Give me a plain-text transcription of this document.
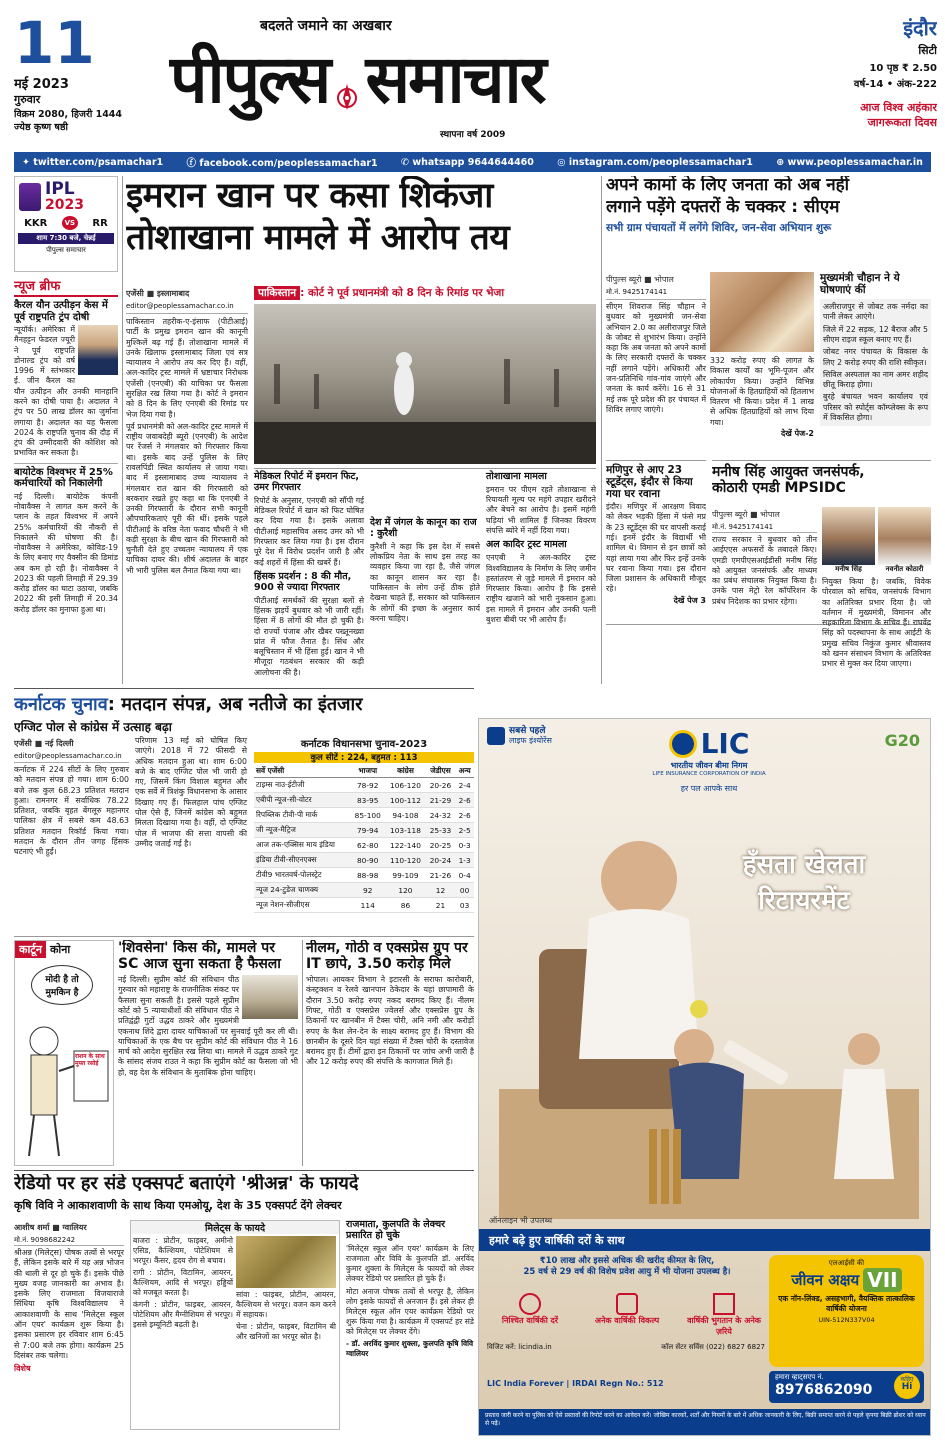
11
मई 2023
गुरुवार
विक्रम 2080, हिजरी 1444
ज्येष्ठ कृष्ण षष्ठी
बदलते जमाने का अखबार
पीपुल्स समाचार
स्थापना वर्ष 2009
इंदौर
सिटी
10 पृष्ठ ₹ 2.50
वर्ष-14 • अंक-222
आज विश्व अहंकार
जागरूकता दिवस
✦ twitter.com/psamachar1 ⓕ facebook.com/peoplessamachar1 ✆ whatsapp 9644644460 ◎ instagram.com/peoplessamachar1 ⊕ www.peoplessamachar.in
IPL
2023
KKR	VS	RR
शाम 7:30 बजे, चेन्नई
पीपुल्स समाचार
न्यूज ब्रीफ
कैरल यौन उत्पीड़न केस में पूर्व राष्ट्रपति ट्रंप दोषी
न्यूयॉर्क। अमेरिका में मैनहट्टन फेडरल ज्यूरी ने पूर्व राष्ट्रपति डोनाल्ड ट्रंप को वर्ष 1996 में स्तंभकार ई. जीन कैरल का यौन उत्पीड़न और उनकी मानहानि करने का दोषी पाया है। अदालत ने ट्रंप पर 50 लाख डॉलर का जुर्माना लगाया है। अदालत का यह फैसला 2024 के राष्ट्रपति चुनाव की दौड़ में ट्रंप की उम्मीदवारी की कोशिश को प्रभावित कर सकता है।
बायोटेक विश्वभर में 25% कर्मचारियों को निकालेगी
नई दिल्ली। बायोटेक कंपनी नोवावैक्स ने लागत कम करने के प्लान के तहत विश्वभर में अपने 25% कर्मचारियों की नौकरी से निकालने की घोषणा की है। नोवावैक्स ने अमेरिका, कोविड-19 के लिए बनाए गए वैक्सीन की डिमांड अब कम हो रही है। नोवावैक्स ने 2023 की पहली तिमाही में 29.39 करोड़ डॉलर का घाटा उठाया, जबकि 2022 की इसी तिमाही में 20.34 करोड़ डॉलर का मुनाफा हुआ था।
इमरान खान पर कसा शिकंजा
तोशाखाना मामले में आरोप तय
एजेंसी ■ इस्लामाबाद
editor@peoplessamachar.co.in
पाकिस्तान तहरीक-ए-इंसाफ (पीटीआई) पार्टी के प्रमुख इमरान खान की कानूनी मुश्किलें बढ़ गई हैं। तोशाखाना मामले में उनके खिलाफ इस्लामाबाद जिला एवं सत्र न्यायालय ने आरोप तय कर दिए हैं। वहीं, अल-कादिर ट्रस्ट मामले में भ्रष्टाचार निरोधक एजेंसी (एनएबी) की याचिका पर फैसला सुरक्षित रख लिया गया है। कोर्ट ने इमरान को 8 दिन के लिए एनएबी की रिमांड पर भेज दिया गया है।
पूर्व प्रधानमंत्री को अल-कादिर ट्रस्ट मामले में राष्ट्रीय जवाबदेही ब्यूरो (एनएबी) के आदेश पर रेंजर्स ने मंगलवार को गिरफ्तार किया था। इसके बाद उन्हें पुलिस के लिए रावलपिंडी स्थित कार्यालय ले जाया गया। बाद में इस्लामाबाद उच्च न्यायालय ने मंगलवार रात खान की गिरफ्तारी को बरकरार रखते हुए कहा था कि एनएबी ने उनकी गिरफ्तारी के दौरान सभी कानूनी औपचारिकताएं पूरी की थीं। इसके पहले पीटीआई के वरिष्ठ नेता फवाद चौधरी ने भी कड़ी सुरक्षा के बीच खान की गिरफ्तारी को चुनौती देते हुए उच्चतम न्यायालय में एक याचिका दायर की। शीर्ष अदालत के बाहर भी भारी पुलिस बल तैनात किया गया था।
पाकिस्तान : कोर्ट ने पूर्व प्रधानमंत्री को 8 दिन के रिमांड पर भेजा
मेडिकल रिपोर्ट में इमरान फिट, उमर गिरफ्तार
रिपोर्ट के अनुसार, एनएबी को सौंपी गई मेडिकल रिपोर्ट में खान को फिट घोषित कर दिया गया है। इसके अलावा पीटीआई महासचिव असद उमर को भी गिरफ्तार कर लिया गया है। इस दौरान पूरे देश में विरोध प्रदर्शन जारी है और कई शहरों में हिंसा की खबरें हैं।
हिंसक प्रदर्शन : 8 की मौत, 900 से ज्यादा गिरफ्तार
पीटीआई समर्थकों की सुरक्षा बलों से हिंसक झड़पें बुधवार को भी जारी रहीं। हिंसा में 8 लोगों की मौत हो चुकी है। दो राज्यों पंजाब और खैबर पख्तूनख्वा प्रांत में फौज तैनात है। सिंध और बलूचिस्तान में भी हिंसा हुई। खान ने भी मौजूदा गठबंधन सरकार की कड़ी आलोचना की है।
देश में जंगल के कानून का राज : कुरैशी
कुरैशी ने कहा कि इस देश में सबसे लोकप्रिय नेता के साथ इस तरह का व्यवहार किया जा रहा है, जैसे जंगल का कानून शासन कर रहा है। पाकिस्तान के लोग उन्हें ठीक होते देखना चाहते हैं, सरकार को पाकिस्तान के लोगों की इच्छा के अनुसार कार्य करना चाहिए।
तोशाखाना मामला
इमरान पर पीएम रहते तोशाखाना से रियायती मूल्य पर महंगे उपहार खरीदने और बेचने का आरोप है। इसमें महंगी घड़ियां भी शामिल हैं जिनका विवरण संपत्ति ब्योरे में नहीं दिया गया।
अल कादिर ट्रस्ट मामला
एनएबी ने अल-कादिर ट्रस्ट विश्वविद्यालय के निर्माण के लिए जमीन हस्तांतरण से जुड़े मामले में इमरान को गिरफ्तार किया। आरोप है कि इससे राष्ट्रीय खजाने को भारी नुकसान हुआ। इस मामले में इमरान और उनकी पत्नी बुशरा बीबी पर भी आरोप हैं।
अपने कामों के लिए जनता को अब नहीं
लगाने पड़ेंगे दफ्तरों के चक्कर : सीएम
सभी ग्राम पंचायतों में लगेंगे शिविर, जन-सेवा अभियान शुरू
पीपुल्स ब्यूरो ■ भोपाल
मो.नं. 9425174141
सीएम शिवराज सिंह चौहान ने बुधवार को मुख्यमंत्री जन-सेवा अभियान 2.0 का अलीराजपुर जिले के जोबट से शुभारंभ किया। उन्होंने कहा कि अब जनता को अपने कामों के लिए सरकारी दफ्तरों के चक्कर नहीं लगाने पड़ेंगे। अधिकारी और जन-प्रतिनिधि गांव-गांव जाएंगे और जनता के कार्य करेंगे। 16 से 31 मई तक पूरे प्रदेश की हर पंचायत में शिविर लगाए जाएंगे।
332 करोड़ रुपए की लागत के विकास कार्यों का भूमि-पूजन और लोकार्पण किया। उन्होंने विभिन्न योजनाओं के हितग्राहियों को हितलाभ वितरण भी किया। प्रदेश में 1 लाख से अधिक हितग्राहियों को लाभ दिया गया।
देखें पेज-2
मुख्यमंत्री चौहान ने ये घोषणाएं कीं
अलीराजपुर से जोबट तक नर्मदा का पानी लेकर आएंगे।
जिले में 22 सड़क, 12 बैराज और 5 सीएम राइज स्कूल बनाए गए हैं।
जोबट नगर पंचायत के विकास के लिए 2 करोड़ रुपए की राशि स्वीकृत।
सिविल अस्पताल का नाम अमर शहीद छीतू किराड़ होगा।
बुरहे बंचायत भवन कार्यालय एवं परिसर को स्पोर्ट्स कॉम्प्लेक्स के रूप में विकसित होगा।
मणिपुर से आए 23 स्टूडेंट्स, इंदौर से किया गया घर रवाना
इंदौर। मणिपुर में आरक्षण विवाद को लेकर भड़की हिंसा में फंसे मप्र के 23 स्टूडेंट्स की घर वापसी कराई गई। इनमें इंदौर के विद्यार्थी भी शामिल थे। विमान से इन छात्रों को यहां लाया गया और फिर इन्हें उनके घर रवाना किया गया। इस दौरान जिला प्रशासन के अधिकारी मौजूद रहे।
देखें पेज 3
मनीष सिंह आयुक्त जनसंपर्क,
कोठारी एमडी MPSIDC
पीपुल्स ब्यूरो ■ भोपाल
मो.नं. 9425174141
राज्य सरकार ने बुधवार को तीन आईएएस अफसरों के तबादले किए। एमडी एमपीएसआईडीसी मनीष सिंह को आयुक्त जनसंपर्क और माध्यम का प्रबंध संचालक नियुक्त किया है। उनके पास मेट्रो रेल कॉर्पोरेशन के प्रबंध निदेशक का प्रभार रहेगा।
मनीष सिंह	नवनीत कोठारी
नियुक्त किया है। जबकि, विवेक पोरवाल को सचिव, जनसंपर्क विभाग का अतिरिक्त प्रभार दिया है। जो वर्तमान में मुख्यमंत्री, विमानन और सहकारिता विभाग के सचिव हैं। राघवेंद्र सिंह को पदस्थापना के साथ आईटी के प्रमुख सचिव निकुंज कुमार श्रीवास्तव को खनन संसाधन विभाग के अतिरिक्त प्रभार से मुक्त कर दिया जाएगा।
कर्नाटक चुनाव: मतदान संपन्न, अब नतीजे का इंतजार
एग्जिट पोल से कांग्रेस में उत्साह बढ़ा
एजेंसी ■ नई दिल्ली
editor@peoplessamachar.co.in
कर्नाटक में 224 सीटों के लिए गुरुवार को मतदान संपन्न हो गया। शाम 6:00 बजे तक कुल 68.23 प्रतिशत मतदान हुआ। रामनगर में सर्वाधिक 78.22 प्रतिशत, जबकि बृहत बेंगलूरु महानगर पालिका क्षेत्र में सबसे कम 48.63 प्रतिशत मतदान रिकॉर्ड किया गया। मतदान के दौरान तीन जगह हिंसक घटनाएं भी हुईं।
परिणाम 13 मई को घोषित किए जाएंगे। 2018 में 72 फीसदी से अधिक मतदान हुआ था। शाम 6:00 बजे के बाद एग्जिट पोल भी जारी हो गए, जिसमें किंग विशाल बहुमत और एक सर्वे में त्रिशंकु विधानसभा के आसार दिखाए गए हैं। फिलहाल पांच एग्जिट पोल ऐसे हैं, जिनमें कांग्रेस को बहुमत मिलता दिखाया गया है। वहीं, दो एग्जिट पोल में भाजपा की सत्ता वापसी की उम्मीद जताई गई है।
कर्नाटक विधानसभा चुनाव-2023
कुल सीटें : 224, बहुमत : 113
सर्वे एजेंसी	भाजपा	कांग्रेस	जेडीएस	अन्य
टाइम्स नाउ-ईटीजी	78-92	106-120	20-26	2-4
एबीपी न्यूज-सी-वोटर	83-95	100-112	21-29	2-6
रिपब्लिक टीवी-पी मार्क	85-100	94-108	24-32	2-6
जी न्यूज-मैट्रिज	79-94	103-118	25-33	2-5
आज तक-एक्सिस माय इंडिया	62-80	122-140	20-25	0-3
इंडिया टीवी-सीएनएक्स	80-90	110-120	20-24	1-3
टीवी9 भारतवर्ष-पोलस्ट्रेट	88-98	99-109	21-26	0-4
न्यूज 24-टुडेज चाणक्य	92	120	12	00
न्यूज नेशन-सीजीएस	114	86	21	03
कार्टून कोना
मोदी है तो मुमकिन है
राशन के साथ मुफ्त रसोई
'शिवसेना' किस की, मामले पर SC आज सुना सकता है फैसला
नई दिल्ली। सुप्रीम कोर्ट की संविधान पीठ गुरुवार को महाराष्ट्र के राजनीतिक संकट पर फैसला सुना सकती है। इससे पहले सुप्रीम कोर्ट को 5 न्यायाधीशों की संविधान पीठ ने प्रतिद्वंद्वी गुटों उद्धव ठाकरे और मुख्यमंत्री एकनाथ शिंदे द्वारा दायर याचिकाओं पर सुनवाई पूरी कर ली थी। याचिकाओं के एक बैच पर सुप्रीम कोर्ट की संविधान पीठ ने 16 मार्च को आदेश सुरक्षित रख लिया था। मामले में उद्धव ठाकरे गुट के सांसद संजय राउत ने कहा कि सुप्रीम कोर्ट का फैसला जो भी हो, वह देश के संविधान के मुताबिक होना चाहिए।
नीलम, गोठी व एक्सप्रेस ग्रुप पर IT छापे, 3.50 करोड़ मिले
भोपाल। आयकर विभाग ने इटारसी के सराफा कारोबारी, कंस्ट्रक्शन व रेलवे खानपान ठेकेदार के यहां छापामारी के दौरान 3.50 करोड़ रुपए नकद बरामद किए हैं। नीलम गिफ्ट, गोठी व एक्सप्रेस ज्वेलर्स और एक्सप्रेस ग्रुप के ठिकानों पर खानबीन में टैक्स चोरी, अनि नमी और करोड़ों रुपए के कैश लेन-देन के साक्ष्य बरामद हुए हैं। विभाग की छानबीन के दूसरे दिन यहां संख्या में टैक्स चोरी के दस्तावेज बरामद हुए हैं। टीमों द्वारा इन ठिकानों पर जांच अभी जारी है और 12 करोड़ रुपए की संपत्ति के कागजात मिले हैं।
रेडियो पर हर संडे एक्सपर्ट बताएंगे 'श्रीअन्न' के फायदे
कृषि विवि ने आकाशवाणी के साथ किया एमओयू, देश के 35 एक्सपर्ट देंगे लेक्चर
आशीष शर्मा ■ ग्वालियर
मो.नं. 9098682242
श्रीअन्न (मिलेट्स) पोषक तत्वों से भरपूर हैं, लेकिन इसके बारे में यह अन्न भोजन की थाली से दूर हो चुके हैं। इसके पीछे मुख्य वजह जानकारी का अभाव है। इसके लिए राजमाता विजयाराजे सिंधिया कृषि विश्वविद्यालय ने आकाशवाणी के साथ 'मिलेट्स स्कूल ऑन एयर' कार्यक्रम शुरू किया है। इसका प्रसारण हर रविवार शाम 6:45 से 7:00 बजे तक होगा। कार्यक्रम 25 दिसंबर तक चलेगा।
विशेष
मिलेट्स के फायदे
बाजरा : प्रोटीन, फाइबर, अमीनो एसिड, कैल्शियम, पोटेशियम से भरपूर। कैंसर, हृदय रोग से बचाव।
रागी : प्रोटीन, विटामिन, आयरन, कैल्शियम, आदि से भरपूर। हड्डियों को मजबूत करता है।
कंगनी : प्रोटीन, फाइबर, आयरन, पोटेशियम और मैग्नीशियम से भरपूर। इससे इम्यूनिटी बढ़ती है।
सांवा : फाइबर, प्रोटीन, आयरन, कैल्शियम से भरपूर। वजन कम करने में सहायक।
चेना : प्रोटीन, फाइबर, विटामिन बी और खनिजों का भरपूर स्रोत है।
राजमाता, कुलपति के लेक्चर प्रसारित हो चुके
'मिलेट्स स्कूल ऑन एयर' कार्यक्रम के लिए राजमाता और विवि के कुलपति डॉ. अरविंद कुमार शुक्ला के मिलेट्स के फायदों को लेकर लेक्चर रेडियो पर प्रसारित हो चुके हैं।
मोटा अनाज पोषक तत्वों से भरपूर है, लेकिन लोग इसके फायदों से अनजान हैं। इसे लेकर ही मिलेट्स स्कूल ऑन एयर कार्यक्रम रेडियो पर शुरू किया गया है। कार्यक्रम में एक्सपर्ट हर संडे को मिलेट्स पर लेक्चर देंगे।
- डॉ. अरविंद कुमार शुक्ला, कुलपति कृषि विवि ग्वालियर
सबसे पहले
लाइफ इंश्योरेंस	LIC
भारतीय जीवन बीमा निगम
LIFE INSURANCE CORPORATION OF INDIA
हर पल आपके साथ
G20
हँसता खेलता
रिटायरमेंट
ऑनलाइन भी उपलब्ध
हमारे बढ़े हुए वार्षिकी दरों के साथ
₹10 लाख और इससे अधिक की खरीद कीमत के लिए,
25 वर्ष से 29 वर्ष की विशेष प्रवेश आयु में भी योजना उपलब्ध है।
निश्चित वार्षिकी दरें	अनेक वार्षिकी विकल्प	वार्षिकी भुगतान के अनेक ज़रिये
एलआईसी की
जीवन अक्षय VII
एक नॉन-लिंक्ड, असहभागी, वैयक्तिक तात्कालिक वार्षिकी योजना
UIN-512N337V04
हमारा व्हाट्सएप नं.
8976862090
कहिए
Hi
विजिट करें: licindia.in	कॉल सेंटर सर्विस (022) 6827 6827
LIC India Forever | IRDAI Regn No.: 512
प्रस्ताव जारी करने या पुलिस को ऐसे प्रस्तावों की रिपोर्ट करने का आवेदन करें। जोखिम कारकों, शर्तों और नियमों के बारे में अधिक जानकारी के लिए, बिक्री समाप्त करने से पहले कृपया बिक्री ब्रोशर को ध्यान से पढ़ें।
